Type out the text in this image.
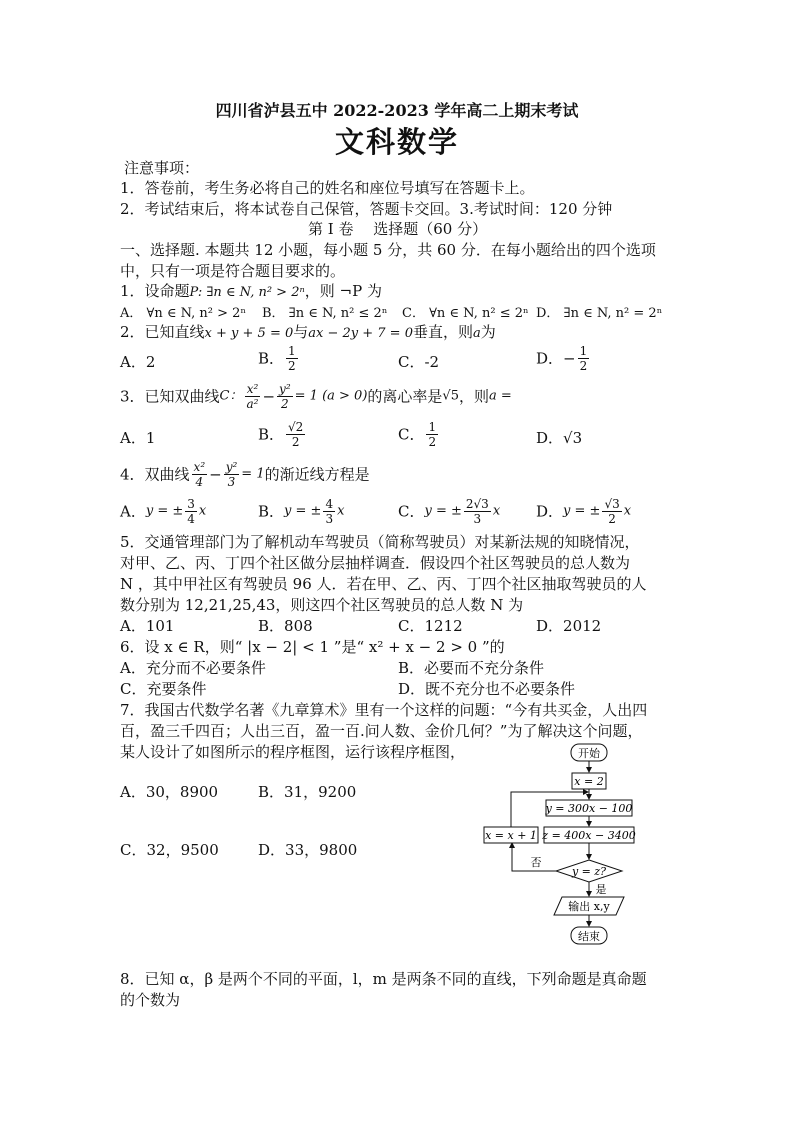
四川省泸县五中 2022-2023 学年高二上期末考试
文科数学
注意事项：
1．答卷前，考生务必将自己的姓名和座位号填写在答题卡上。
2．考试结束后，将本试卷自己保管，答题卡交回。3.考试时间：120 分钟
第 I 卷　 选择题（60 分）
一、选择题. 本题共 12 小题，每小题 5 分，共 60 分．在每小题给出的四个选项
中，只有一项是符合题目要求的。
1．设命题P: ∃n ∈ N, n² > 2ⁿ，则 ¬P 为
A． ∀n ∈ N, n² > 2ⁿ B． ∃n ∈ N, n² ≤ 2ⁿ C． ∀n ∈ N, n² ≤ 2ⁿ D． ∃n ∈ N, n² = 2ⁿ
2．已知直线x + y + 5 = 0与ax − 2y + 7 = 0垂直，则a为
A．2	B． $\frac{1}{2}$	C．-2	D．− $\frac{1}{2}$
3．已知双曲线C： $\frac{\text{x²}}{\text{a²}} - \frac{\text{y²}}{2} = 1$ (a > 0)的离心率是√5，则a =
A．1	B． $\frac{√2}{2}$	C． $\frac{1}{2}$	D．√3
4．双曲线 $\frac{\text{x²}}{4} - \frac{\text{y²}}{3} = 1$的渐近线方程是
A．y = ± $\frac{3}{4}$ x	B．y = ± $\frac{4}{3}$ x	C．y = ± $\frac{2√3}{3}$ x D．y = ± $\frac{√3}{2}$ x
5．交通管理部门为了解机动车驾驶员（简称驾驶员）对某新法规的知晓情况，
对甲、乙、丙、丁四个社区做分层抽样调查．假设四个社区驾驶员的总人数为
N ，其中甲社区有驾驶员 96 人．若在甲、乙、丙、丁四个社区抽取驾驶员的人
数分别为 12,21,25,43，则这四个社区驾驶员的总人数 N 为
A．101	B．808	C．1212	D．2012
6．设 x ∈ R，则“ |x − 2| < 1 ”是“ x² + x − 2 > 0 ”的
A．充分而不必要条件	B．必要而不充分条件
C．充要条件	D．既不充分也不必要条件
7．我国古代数学名著《九章算术》里有一个这样的问题：“今有共买金，人出四
百，盈三千四百；人出三百，盈一百.问人数、金价几何？”为了解决这个问题，
某人设计了如图所示的程序框图，运行该程序框图，
A．30，8900	B．31，9200
C．32，9500	D．33，9800
开始
x = 2
y = 300x − 100
z = 400x − 3400
y = z?
否
x = x + 1
是
输出 x,y
结束
8．已知 α，β 是两个不同的平面，l，m 是两条不同的直线，下列命题是真命题
的个数为
